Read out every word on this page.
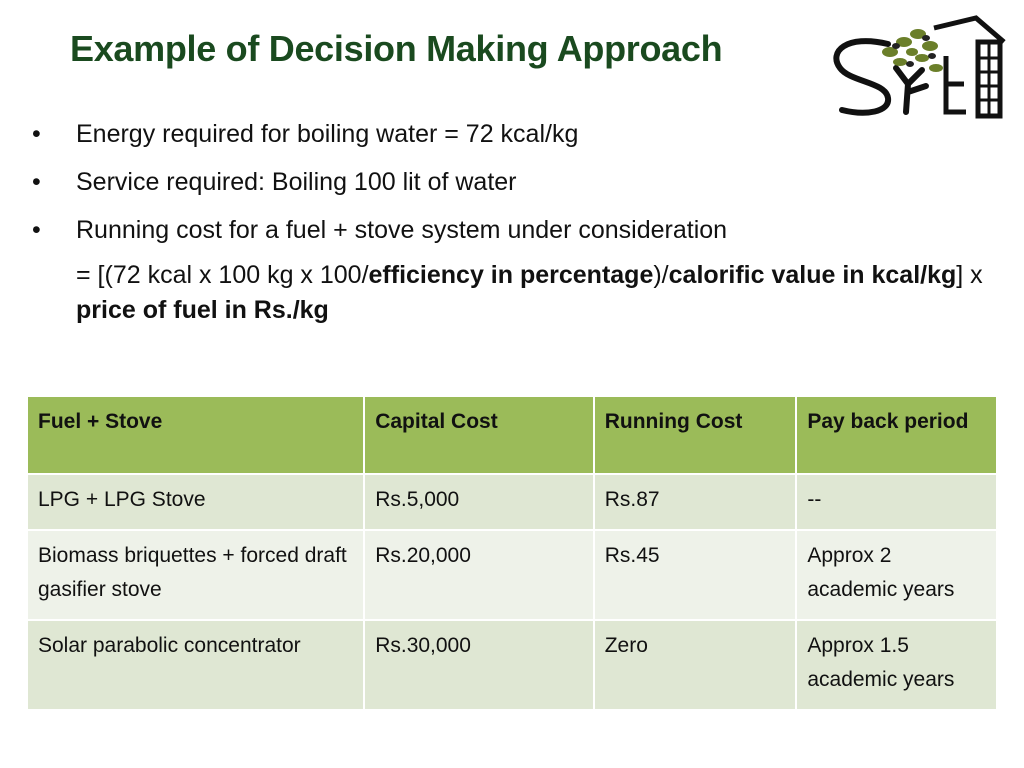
Example of Decision Making Approach
• Energy required for boiling water = 72 kcal/kg
• Service required: Boiling 100 lit of water
• Running cost for a fuel + stove system under consideration
= [(72 kcal x 100 kg x 100/efficiency in percentage)/calorific value in kcal/kg] x price of fuel in Rs./kg
Fuel + Stove	Capital Cost	Running Cost	Pay back period
LPG + LPG Stove	Rs.5,000	Rs.87	--
Biomass briquettes + forced draft gasifier stove	Rs.20,000	Rs.45	Approx 2 academic years
Solar parabolic concentrator	Rs.30,000	Zero	Approx 1.5 academic years
